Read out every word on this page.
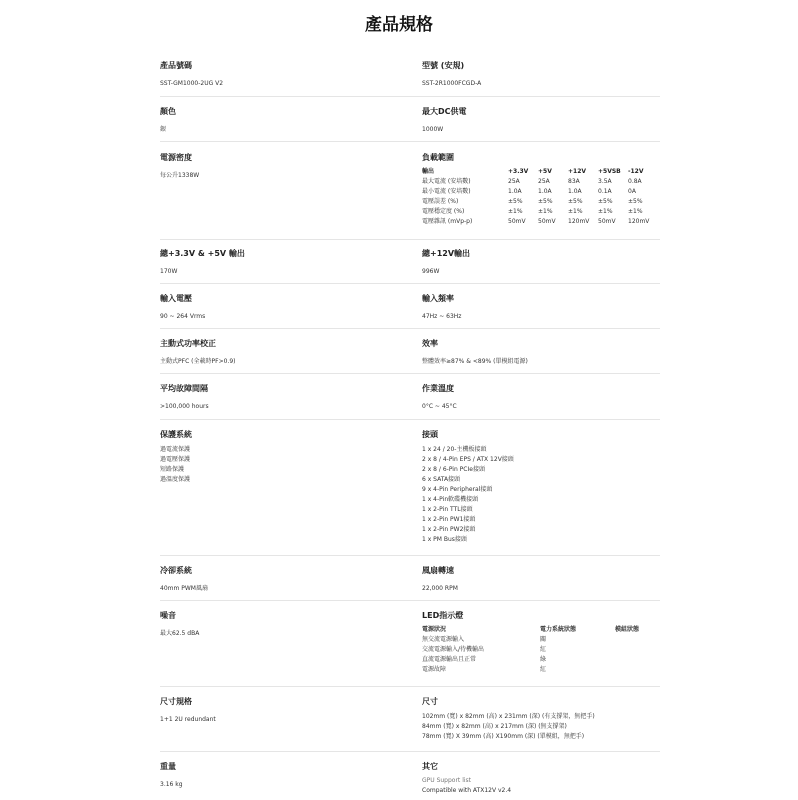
產品規格
產品號碼
SST-GM1000-2UG V2
型號 (安規)
SST-2R1000FCGD-A
顏色
銀
最大DC供電
1000W
電源密度
每公升1338W
負載範圍
輸出	+3.3V	+5V	+12V	+5VSB	-12V
最大電流 (安培數)	25A	25A	83A	3.5A	0.8A
最小電流 (安培數)	1.0A	1.0A	1.0A	0.1A	0A
電壓誤差 (%)	±5%	±5%	±5%	±5%	±5%
電壓穩定度 (%)	±1%	±1%	±1%	±1%	±1%
電壓雜訊 (mVp-p)	50mV	50mV	120mV	50mV	120mV
總+3.3V & +5V 輸出
170W
總+12V輸出
996W
輸入電壓
90 ~ 264 Vrms
輸入頻率
47Hz ~ 63Hz
主動式功率校正
主動式PFC (全載時PF>0.9)
效率
整體效率≥87% & <89% (單模組電源)
平均故障間隔
>100,000 hours
作業溫度
0°C ~ 45°C
保護系統
過電流保護
過電壓保護
短路保護
過溫度保護
接頭
1 x 24 / 20-主機板接頭
2 x 8 / 4-Pin EPS / ATX 12V接頭
2 x 8 / 6-Pin PCIe接頭
6 x SATA接頭
9 x 4-Pin Peripheral接頭
1 x 4-Pin軟碟機接頭
1 x 2-Pin TTL接頭
1 x 2-Pin PW1接頭
1 x 2-Pin PW2接頭
1 x PM Bus接頭
冷卻系統
40mm PWM風扇
風扇轉速
22,000 RPM
噪音
最大62.5 dBA
LED指示燈
電源狀況	電力系統狀態	模組狀態
無交流電源輸入	關	
交流電源輸入/待機輸出	紅	
直流電源輸出且正常	綠	
電源故障	紅	
尺寸規格
1+1 2U redundant
尺寸
102mm (寬) x 82mm (高) x 231mm (深) (有支撐架，無把手)
84mm (寬) x 82mm (高) x 217mm (深) (無支撐架)
78mm (寬) X 39mm (高) X190mm (深) (單模組，無把手)
重量
3.16 kg
其它
GPU Support list
Compatible with ATX12V v2.4
